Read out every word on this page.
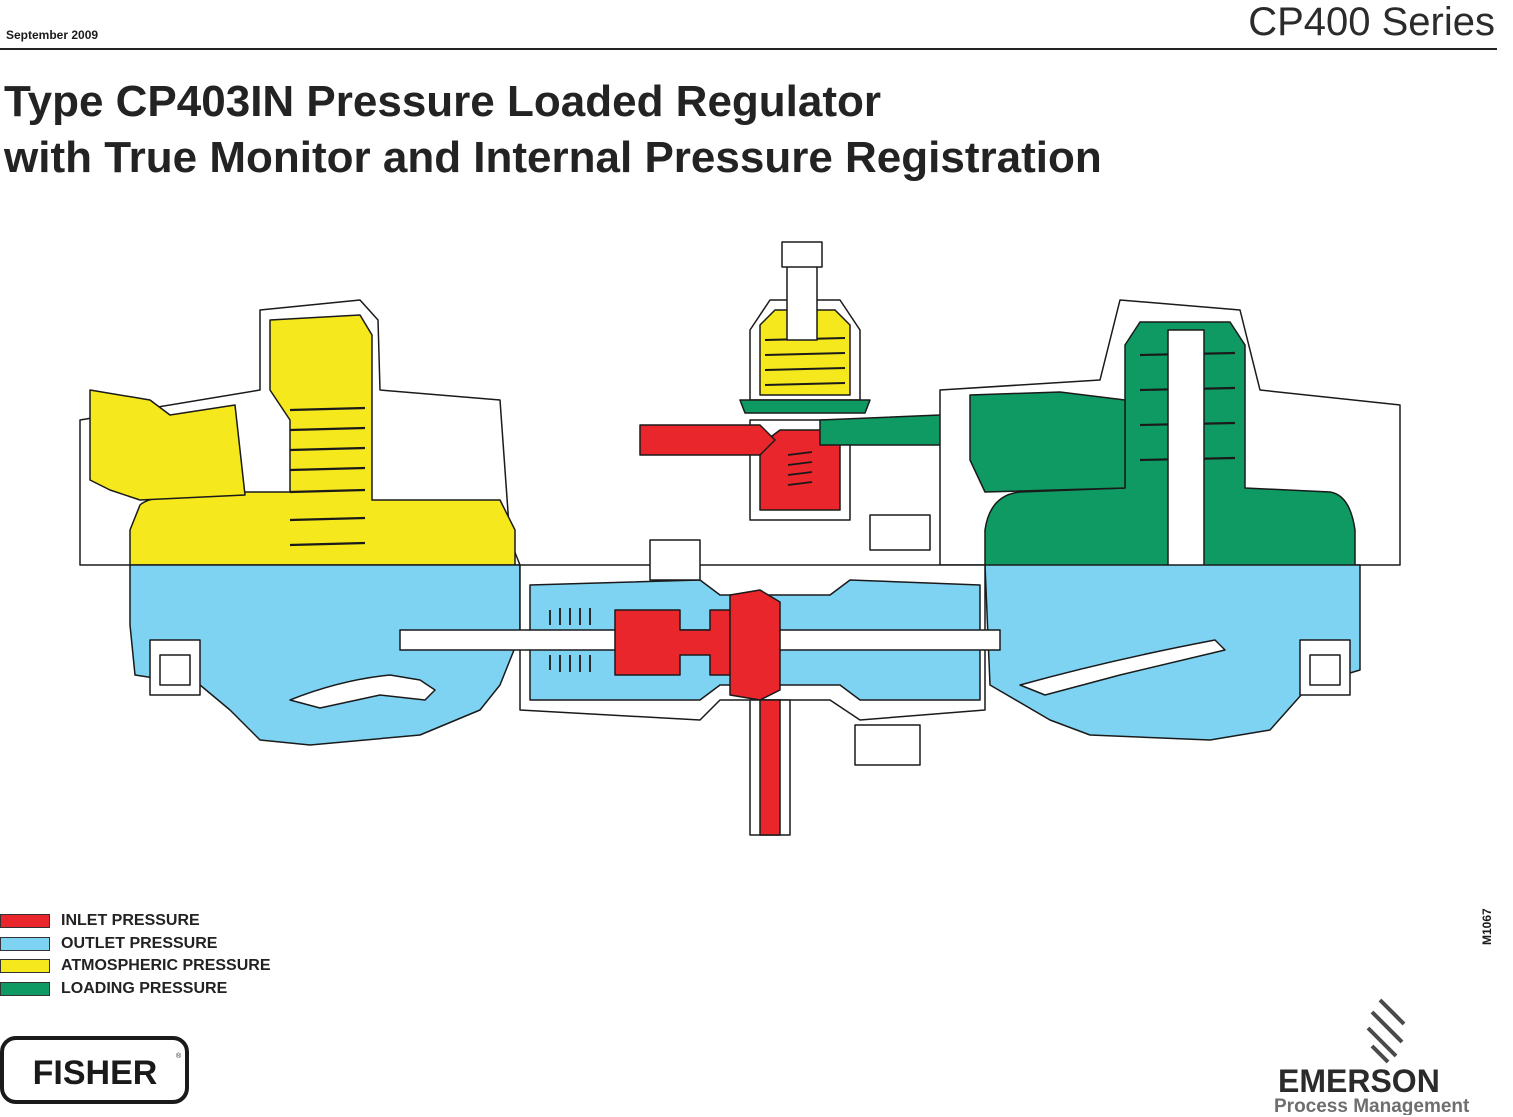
September 2009	CP400 Series
Type CP403IN Pressure Loaded Regulator
with True Monitor and Internal Pressure Registration
INLET PRESSURE
OUTLET PRESSURE
ATMOSPHERIC PRESSURE
LOADING PRESSURE
M1067
FISHER	®
EMERSON
Process Management
